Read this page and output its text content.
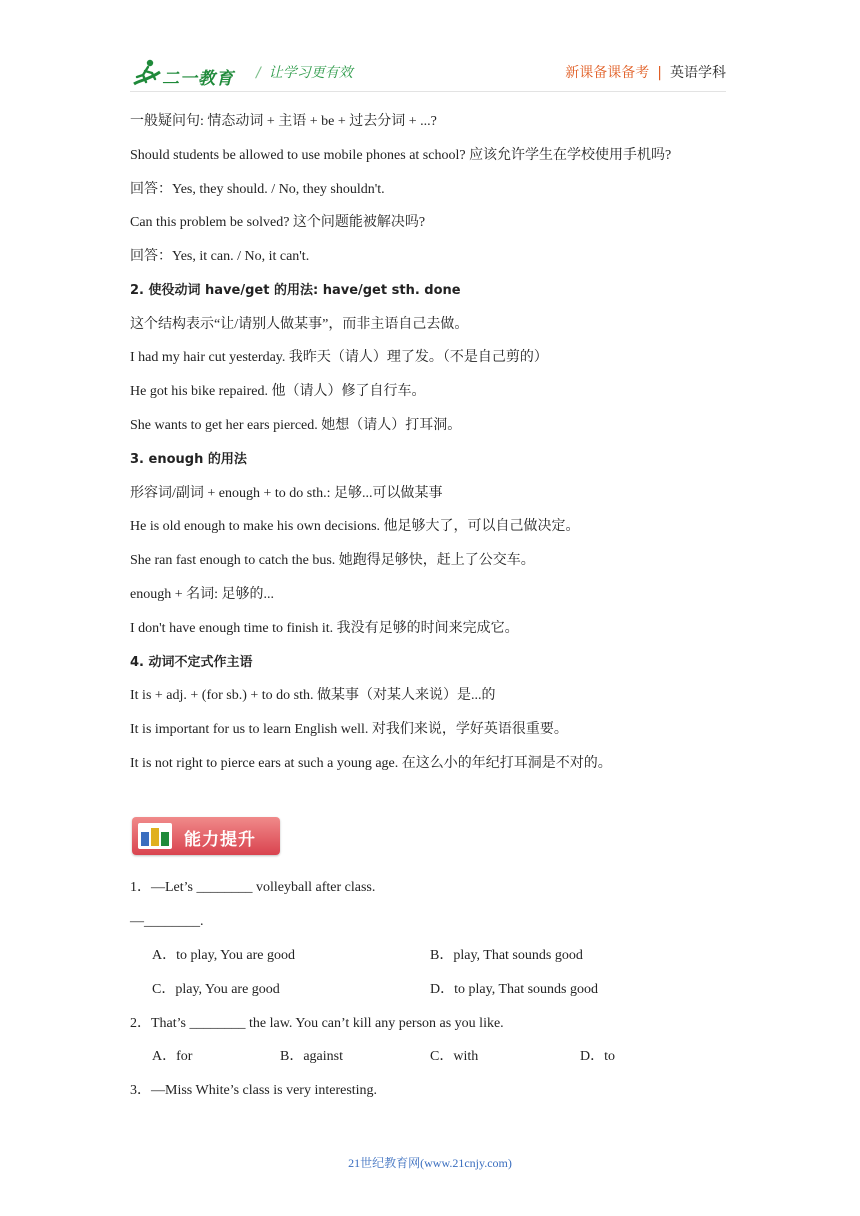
二一教育 / 让学习更有效	新课备课备考 | 英语学科
一般疑问句: 情态动词 + 主语 + be + 过去分词 + ...?
Should students be allowed to use mobile phones at school? 应该允许学生在学校使用手机吗?
回答：Yes, they should. / No, they shouldn't.
Can this problem be solved? 这个问题能被解决吗?
回答：Yes, it can. / No, it can't.
2. 使役动词 have/get 的用法: have/get sth. done
这个结构表示“让/请别人做某事”，而非主语自己去做。
I had my hair cut yesterday. 我昨天（请人）理了发。（不是自己剪的）
He got his bike repaired. 他（请人）修了自行车。
She wants to get her ears pierced. 她想（请人）打耳洞。
3. enough 的用法
形容词/副词 + enough + to do sth.: 足够...可以做某事
He is old enough to make his own decisions. 他足够大了，可以自己做决定。
She ran fast enough to catch the bus. 她跑得足够快，赶上了公交车。
enough + 名词: 足够的...
I don't have enough time to finish it. 我没有足够的时间来完成它。
4. 动词不定式作主语
It is + adj. + (for sb.) + to do sth. 做某事（对某人来说）是...的
It is important for us to learn English well. 对我们来说，学好英语很重要。
It is not right to pierce ears at such a young age. 在这么小的年纪打耳洞是不对的。
能力提升
1．—Let’s ________ volleyball after class.
—________.
A．to play, You are good	B．play, That sounds good
C．play, You are good	D．to play, That sounds good
2．That’s ________ the law. You can’t kill any person as you like.
A．for	B．against	C．with	D．to
3．—Miss White’s class is very interesting.
21世纪教育网(www.21cnjy.com)
